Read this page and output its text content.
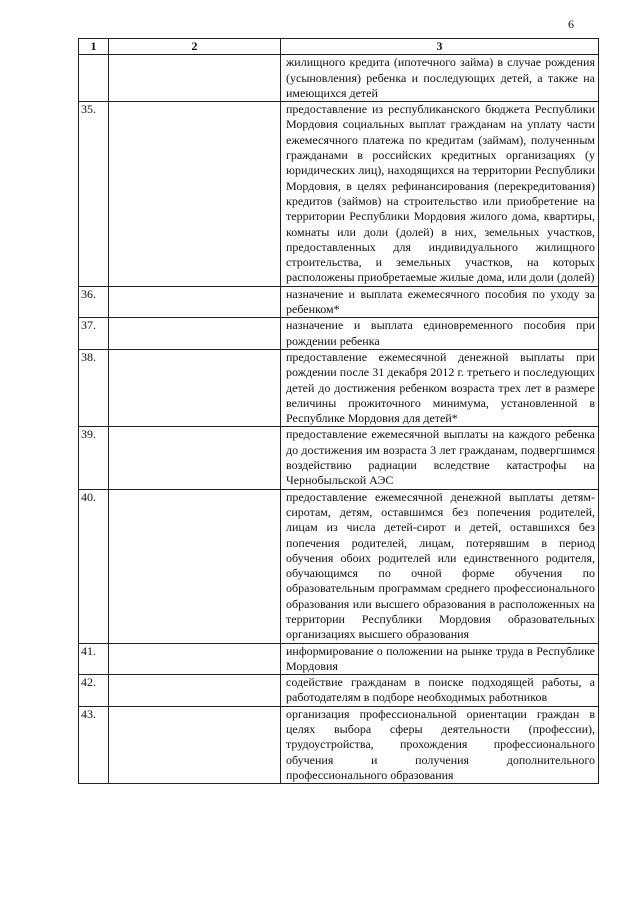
6
1	2	3
		жилищного кредита (ипотечного займа) в случае рождения (усыновления) ребенка и последующих детей, а также на имеющихся детей
35.		предоставление из республиканского бюджета Республики Мордовия социальных выплат гражданам на уплату части ежемесячного платежа по кредитам (займам), полученным гражданами в российских кредитных организациях (у юридических лиц), находящихся на территории Республики Мордовия, в целях рефинансирования (перекредитования) кредитов (займов) на строительство или приобретение на территории Республики Мордовия жилого дома, квартиры, комнаты или доли (долей) в них, земельных участков, предоставленных для индивидуального жилищного строительства, и земельных участков, на которых расположены приобретаемые жилые дома, или доли (долей)
36.		назначение и выплата ежемесячного пособия по уходу за ребенком*
37.		назначение и выплата единовременного пособия при рождении ребенка
38.		предоставление ежемесячной денежной выплаты при рождении после 31 декабря 2012 г. третьего и последующих детей до достижения ребенком возраста трех лет в размере величины прожиточного минимума, установленной в Республике Мордовия для детей*
39.		предоставление ежемесячной выплаты на каждого ребенка до достижения им возраста 3 лет гражданам, подвергшимся воздействию радиации вследствие катастрофы на Чернобыльской АЭС
40.		предоставление ежемесячной денежной выплаты детям-сиротам, детям, оставшимся без попечения родителей, лицам из числа детей-сирот и детей, оставшихся без попечения родителей, лицам, потерявшим в период обучения обоих родителей или единственного родителя, обучающимся по очной форме обучения по образовательным программам среднего профессионального образования или высшего образования в расположенных на территории Республики Мордовия образовательных организациях высшего образования
41.		информирование о положении на рынке труда в Республике Мордовия
42.		содействие гражданам в поиске подходящей работы, а работодателям в подборе необходимых работников
43.		организация профессиональной ориентации граждан в целях выбора сферы деятельности (профессии), трудоустройства, прохождения профессионального обучения и получения дополнительного профессионального образования
